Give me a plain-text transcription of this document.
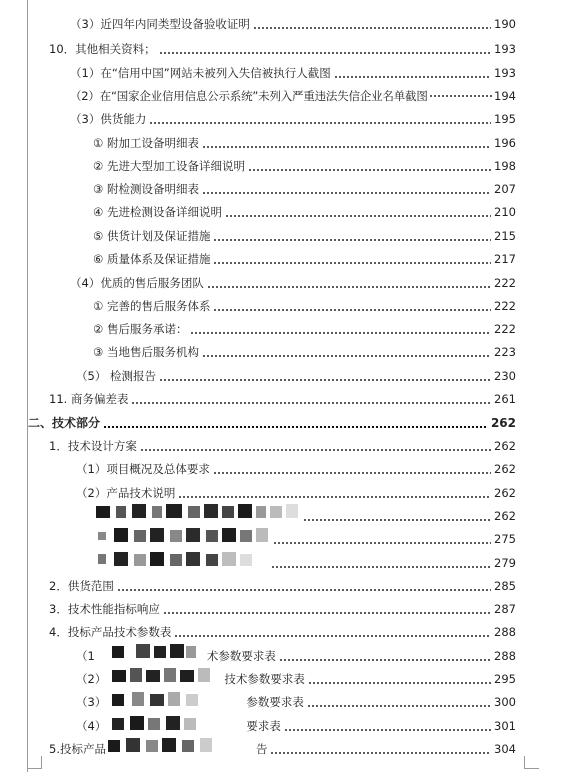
（3）近四年内同类型设备验收证明	190
10．其他相关资料；	193
（1）在“信用中国”网站未被列入失信被执行人截图	193
（2）在“国家企业信用信息公示系统”未列入严重违法失信企业名单截图	194
（3）供货能力	195
① 附加工设备明细表	196
② 先进大型加工设备详细说明	198
③ 附检测设备明细表	207
④ 先进检测设备详细说明	210
⑤ 供货计划及保证措施	215
⑥ 质量体系及保证措施	217
（4）优质的售后服务团队	222
① 完善的售后服务体系	222
② 售后服务承诺：	222
③ 当地售后服务机构	223
（5） 检测报告	230
11. 商务偏差表	261
二、技术部分	262
1．技术设计方案	262
（1）项目概况及总体要求	262
（2）产品技术说明	262
262
275
279
2．供货范围	285
3．技术性能指标响应	287
4．投标产品技术参数表	288
（1	术参数要求表	288
（2）	技术参数要求表	295
（3）	参数要求表	300
（4）	要求表	301
5.投标产品	告	304
